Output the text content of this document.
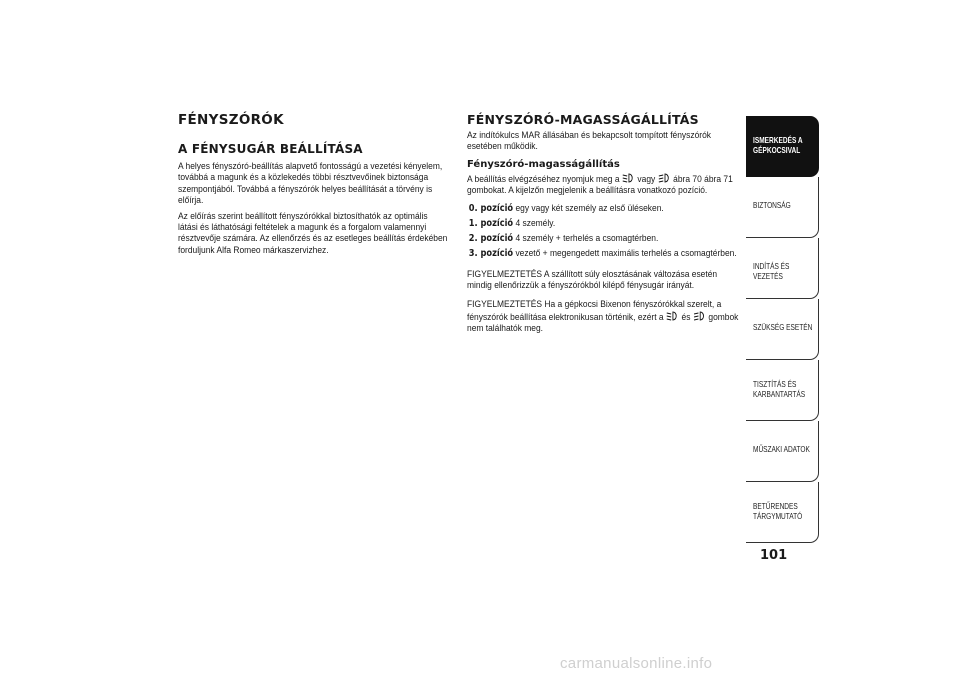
FÉNYSZÓRÓK
A FÉNYSUGÁR BEÁLLÍTÁSA

A helyes fényszóró-beállítás alapvető fontosságú a vezetési kényelem, továbbá a magunk és a közlekedés többi résztvevőinek biztonsága szempontjából. Továbbá a fényszórók helyes beállítását a törvény is előírja.

Az előírás szerint beállított fényszórókkal biztosíthatók az optimális látási és láthatósági feltételek a magunk és a forgalom valamennyi résztvevője számára. Az ellenőrzés és az esetleges beállítás érdekében forduljunk Alfa Romeo márkaszervizhez.

FÉNYSZÓRÓ-MAGASSÁGÁLLÍTÁS

Az indítókulcs MAR állásában és bekapcsolt tompított fényszórók esetében működik.

Fényszóró-magasságállítás

A beállítás elvégzéséhez nyomjuk meg a vagy ábra 70 ábra 71 gombokat. A kijelzőn megjelenik a beállításra vonatkozó pozíció.

0. pozíció egy vagy két személy az első üléseken.
1. pozíció 4 személy.
2. pozíció 4 személy + terhelés a csomagtérben.
3. pozíció vezető + megengedett maximális terhelés a csomagtérben.

FIGYELMEZTETÉS A szállított súly elosztásának változása esetén mindig ellenőrizzük a fényszórókból kilépő fénysugár irányát.

FIGYELMEZTETÉS Ha a gépkocsi Bixenon fényszórókkal szerelt, a fényszórók beállítása elektronikusan történik, ezért a és gombok nem találhatók meg.

ISMERKEDÉS A GÉPKOCSIVAL
BIZTONSÁG
INDÍTÁS ÉS VEZETÉS
SZÜKSÉG ESETÉN
TISZTÍTÁS ÉS KARBANTARTÁS
MŰSZAKI ADATOK
BETŰRENDES TÁRGYMUTATÓ
101
carmanualsonline.info
